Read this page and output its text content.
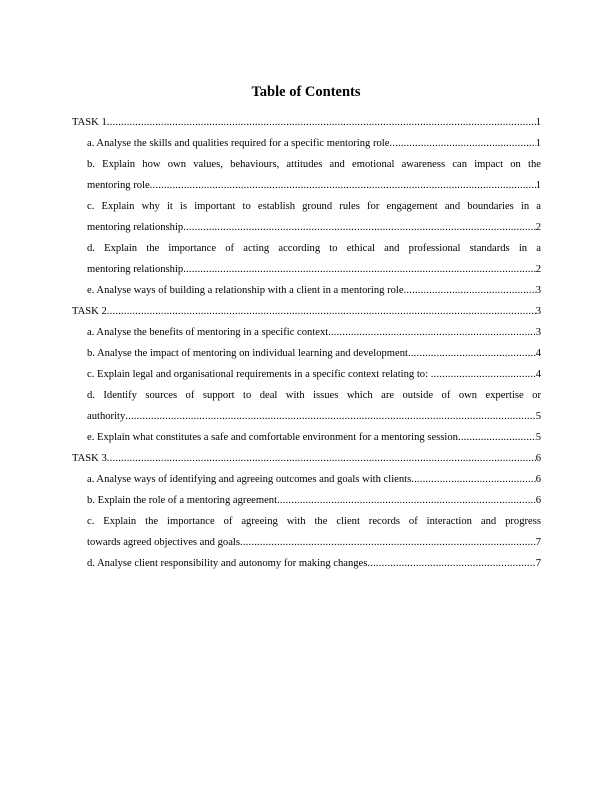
Table of Contents
TASK 1 .....	1
a. Analyse the skills and qualities required for a specific mentoring role .....	1
b. Explain how own values, behaviours, attitudes and emotional awareness can impact on the
mentoring role .....	1
c. Explain why it is important to establish ground rules for engagement and boundaries in a
mentoring relationship .....	2
d. Explain the importance of acting according to ethical and professional standards in a
mentoring relationship .....	2
e. Analyse ways of building a relationship with a client in a mentoring role .....	3
TASK 2 .....	3
a. Analyse the benefits of mentoring in a specific context. .....	3
b. Analyse the impact of mentoring on individual learning and development .....	4
c. Explain legal and organisational requirements in a specific context relating to: .....	4
d. Identify sources of support to deal with issues which are outside of own expertise or
authority .....	5
e. Explain what constitutes a safe and comfortable environment for a mentoring session .....	5
TASK 3 .....	6
a. Analyse ways of identifying and agreeing outcomes and goals with clients .....	6
b. Explain the role of a mentoring agreement .....	6
c. Explain the importance of agreeing with the client records of interaction and progress
towards agreed objectives and goals .....	7
d. Analyse client responsibility and autonomy for making changes .....	7
